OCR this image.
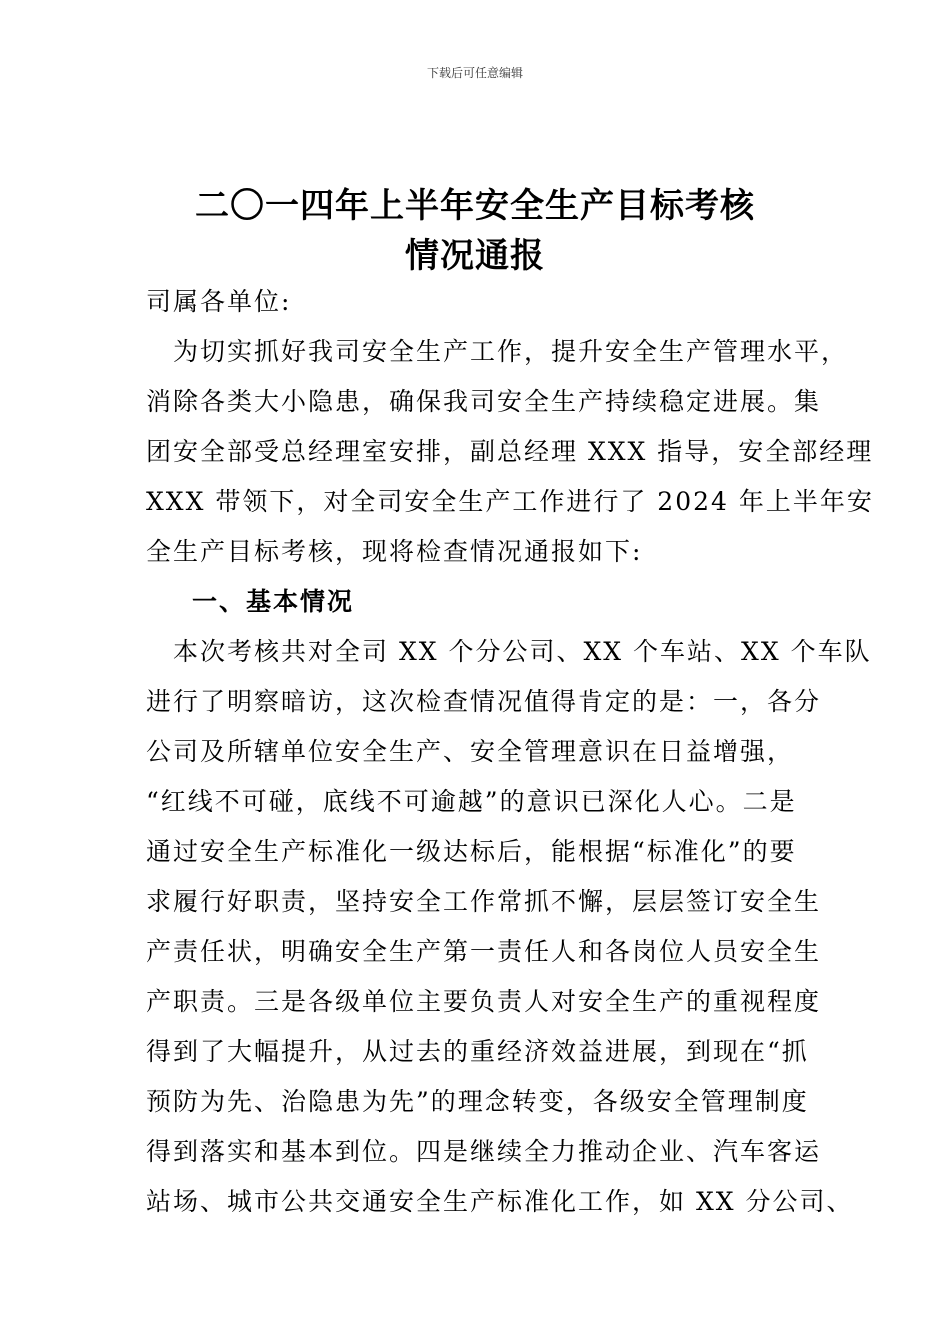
下载后可任意编辑
二〇一四年上半年安全生产目标考核
情况通报
司属各单位:
　为切实抓好我司安全生产工作，提升安全生产管理水平，
消除各类大小隐患，确保我司安全生产持续稳定进展。集
团安全部受总经理室安排，副总经理 XXX 指导，安全部经理
XXX 带领下，对全司安全生产工作进行了 2024 年上半年安
全生产目标考核，现将检查情况通报如下:
一、基本情况
　本次考核共对全司 XX 个分公司、XX 个车站、XX 个车队
进行了明察暗访，这次检查情况值得肯定的是：一，各分
公司及所辖单位安全生产、安全管理意识在日益增强，
“红线不可碰，底线不可逾越”的意识已深化人心。二是
通过安全生产标准化一级达标后，能根据“标准化”的要
求履行好职责，坚持安全工作常抓不懈，层层签订安全生
产责任状，明确安全生产第一责任人和各岗位人员安全生
产职责。三是各级单位主要负责人对安全生产的重视程度
得到了大幅提升，从过去的重经济效益进展，到现在“抓
预防为先、治隐患为先”的理念转变，各级安全管理制度
得到落实和基本到位。四是继续全力推动企业、汽车客运
站场、城市公共交通安全生产标准化工作，如 XX 分公司、
